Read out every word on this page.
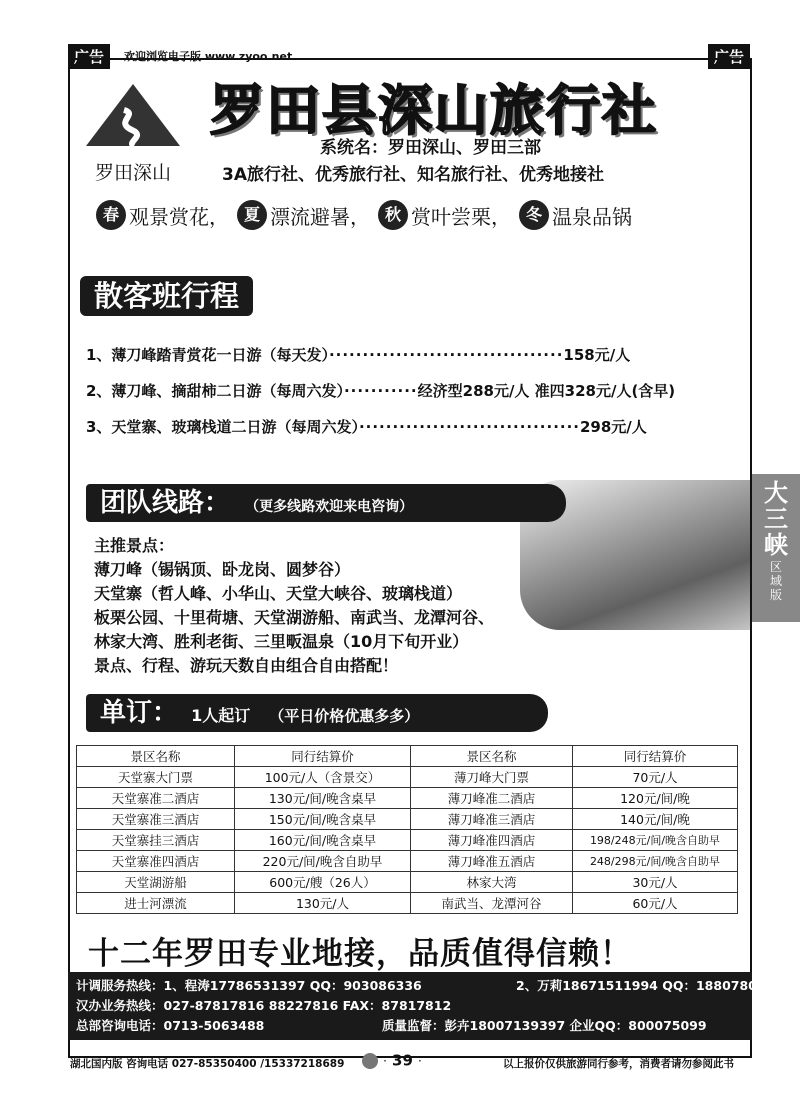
广告	欢迎浏览电子版 www.zyoo.net	广告
罗田深山
罗田县深山旅行社
系统名：罗田深山、罗田三部
3A旅行社、优秀旅行社、知名旅行社、优秀地接社
春 观景赏花， 夏 漂流避暑， 秋 赏叶尝栗， 冬 温泉品锅
散客班行程
1、薄刀峰踏青赏花一日游（每天发）···································158元/人
2、薄刀峰、摘甜柿二日游（每周六发）···········经济型288元/人 准四328元/人(含早)
3、天堂寨、玻璃栈道二日游（每周六发）·································298元/人
团队线路： （更多线路欢迎来电咨询）
主推景点：
薄刀峰（锡锅顶、卧龙岗、圆梦谷）
天堂寨（哲人峰、小华山、天堂大峡谷、玻璃栈道）
板栗公园、十里荷塘、天堂湖游船、南武当、龙潭河谷、
林家大湾、胜利老街、三里畈温泉（10月下旬开业）
景点、行程、游玩天数自由组合自由搭配！
单订： 1人起订 （平日价格优惠多多）
景区名称	同行结算价	景区名称	同行结算价
天堂寨大门票	100元/人（含景交）	薄刀峰大门票	70元/人
天堂寨准二酒店	130元/间/晚含桌早	薄刀峰准二酒店	120元/间/晚
天堂寨准三酒店	150元/间/晚含桌早	薄刀峰准三酒店	140元/间/晚
天堂寨挂三酒店	160元/间/晚含桌早	薄刀峰准四酒店	198/248元/间/晚含自助早
天堂寨准四酒店	220元/间/晚含自助早	薄刀峰准五酒店	248/298元/间/晚含自助早
天堂湖游船	600元/艘（26人）	林家大湾	30元/人
进士河漂流	130元/人	南武当、龙潭河谷	60元/人
十二年罗田专业地接，品质值得信赖！
计调服务热线：1、程涛17786531397 QQ：903086336	2、万莉18671511994 QQ：188078022
汉办业务热线：027-87817816 88227816 FAX：87817812
总部咨询电话：0713-5063488	质量监督：彭卉18007139397 企业QQ：800075099
大三峡
区域版
湖北国内版 咨询电话 027-85350400 /15337218689	· 39 ·	以上报价仅供旅游同行参考，消费者请勿参阅此书
